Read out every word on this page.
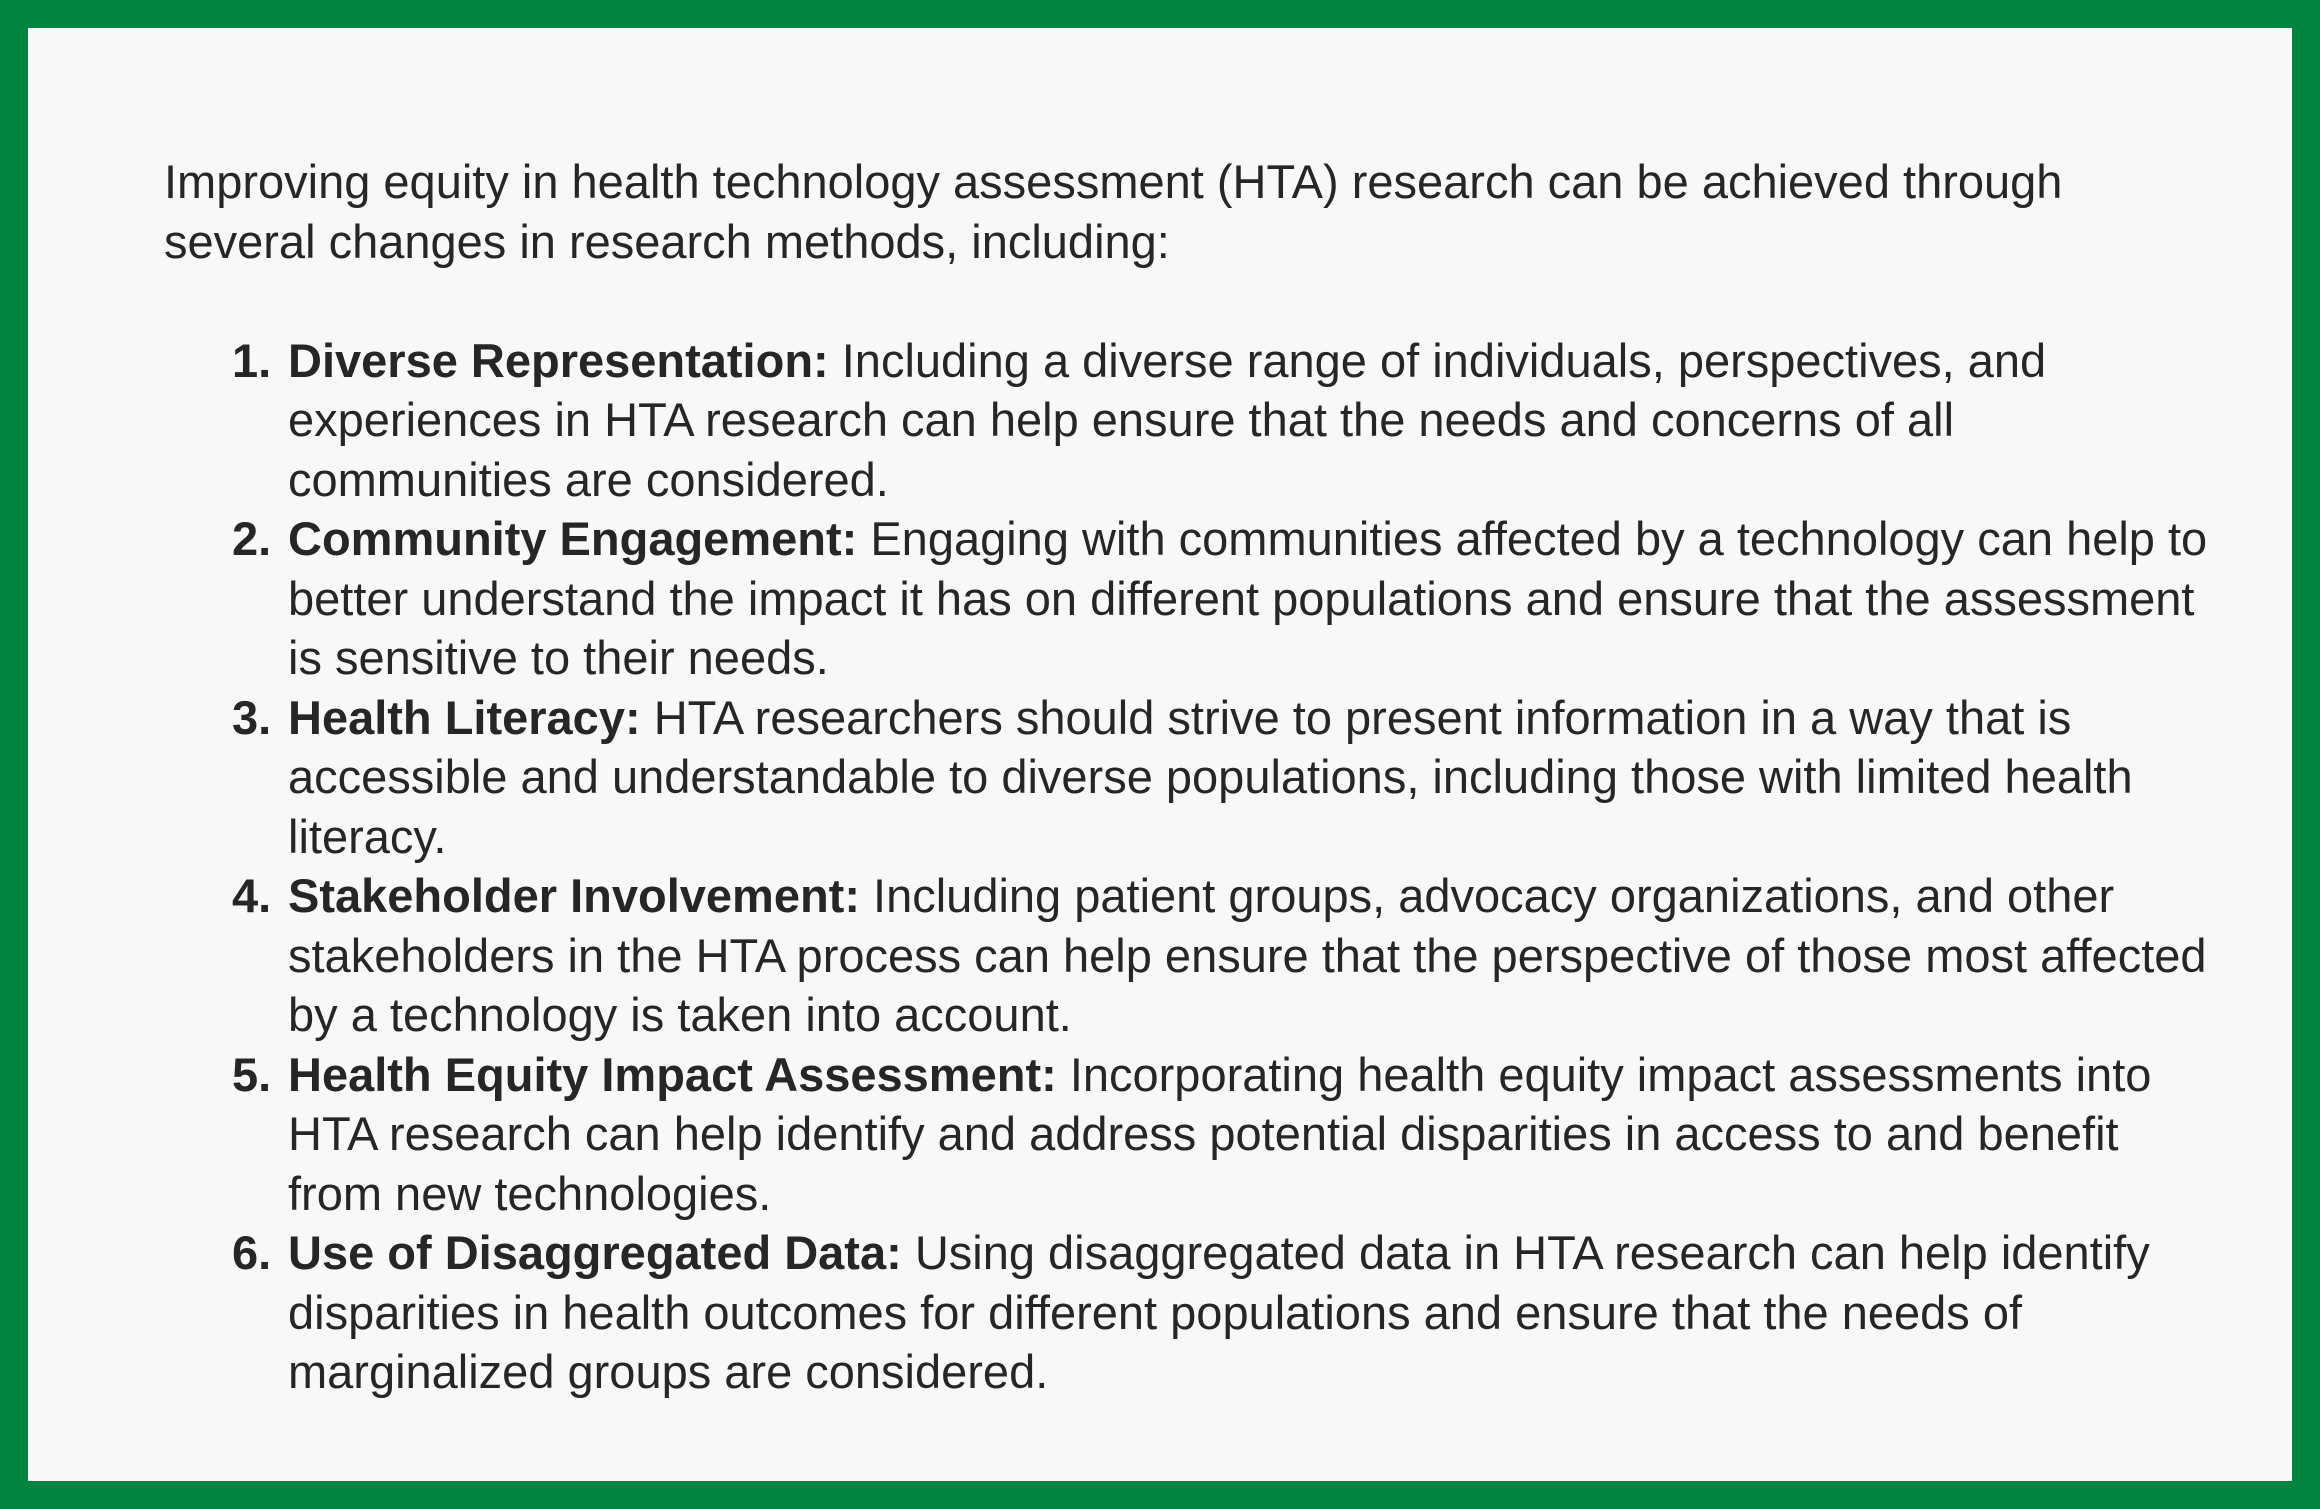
Improving equity in health technology assessment (HTA) research can be achieved through several changes in research methods, including:

1. Diverse Representation: Including a diverse range of individuals, perspectives, and experiences in HTA research can help ensure that the needs and concerns of all communities are considered.
2. Community Engagement: Engaging with communities affected by a technology can help to better understand the impact it has on different populations and ensure that the assessment is sensitive to their needs.
3. Health Literacy: HTA researchers should strive to present information in a way that is accessible and understandable to diverse populations, including those with limited health literacy.
4. Stakeholder Involvement: Including patient groups, advocacy organizations, and other stakeholders in the HTA process can help ensure that the perspective of those most affected by a technology is taken into account.
5. Health Equity Impact Assessment: Incorporating health equity impact assessments into HTA research can help identify and address potential disparities in access to and benefit from new technologies.
6. Use of Disaggregated Data: Using disaggregated data in HTA research can help identify disparities in health outcomes for different populations and ensure that the needs of marginalized groups are considered.
